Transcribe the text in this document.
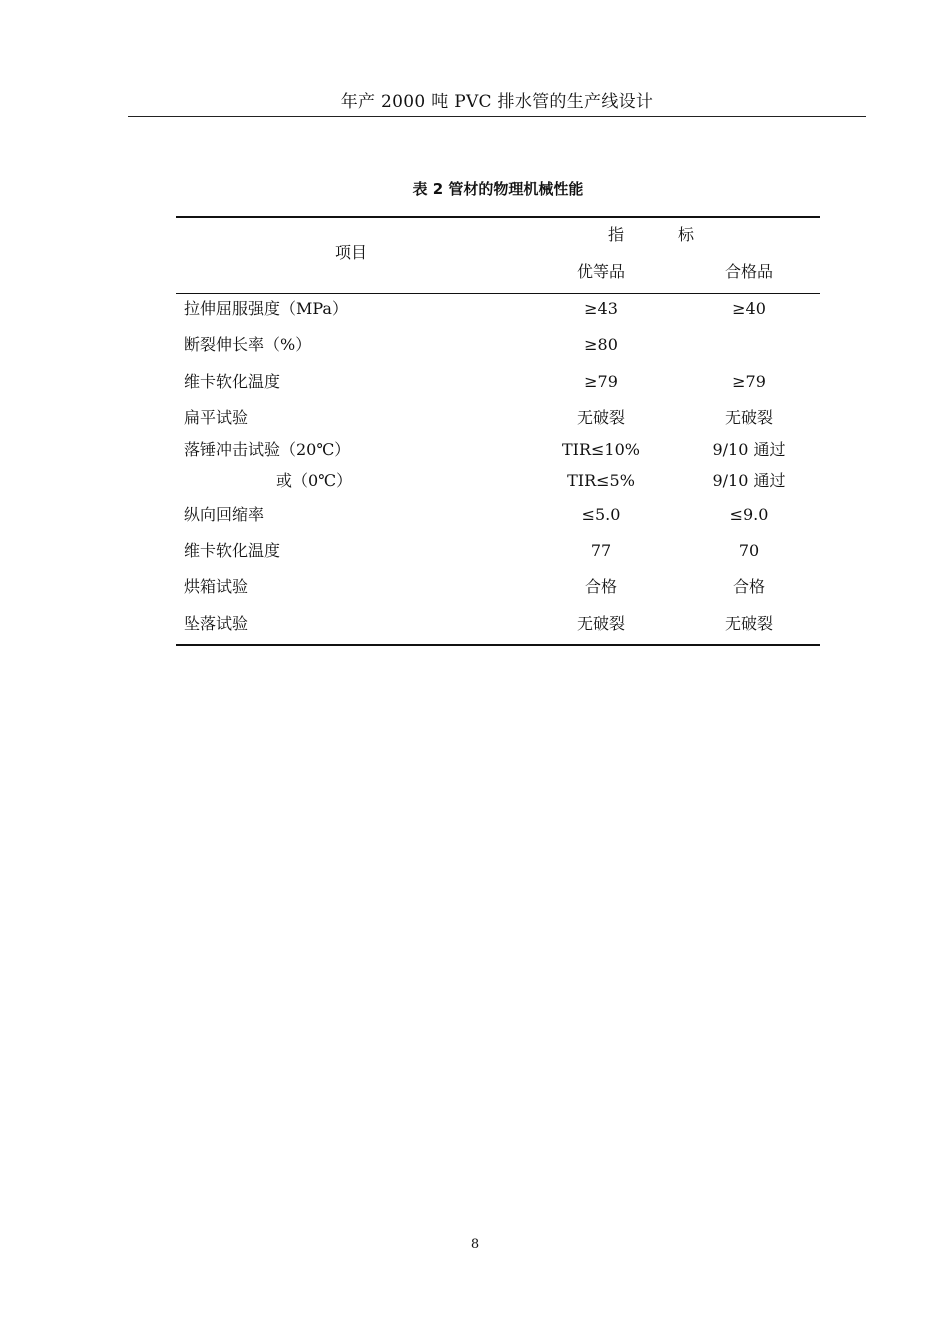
年产 2000 吨 PVC 排水管的生产线设计
表 2 管材的物理机械性能
项目
指	标
优等品	合格品
拉伸屈服强度（MPa）	≥43	≥40
断裂伸长率（%）	≥80
维卡软化温度	≥79	≥79
扁平试验	无破裂	无破裂
落锤冲击试验（20℃）	TIR≤10%	9/10 通过
或（0℃）	TIR≤5%	9/10 通过
纵向回缩率	≤5.0	≤9.0
维卡软化温度	77	70
烘箱试验	合格	合格
坠落试验	无破裂	无破裂
8
